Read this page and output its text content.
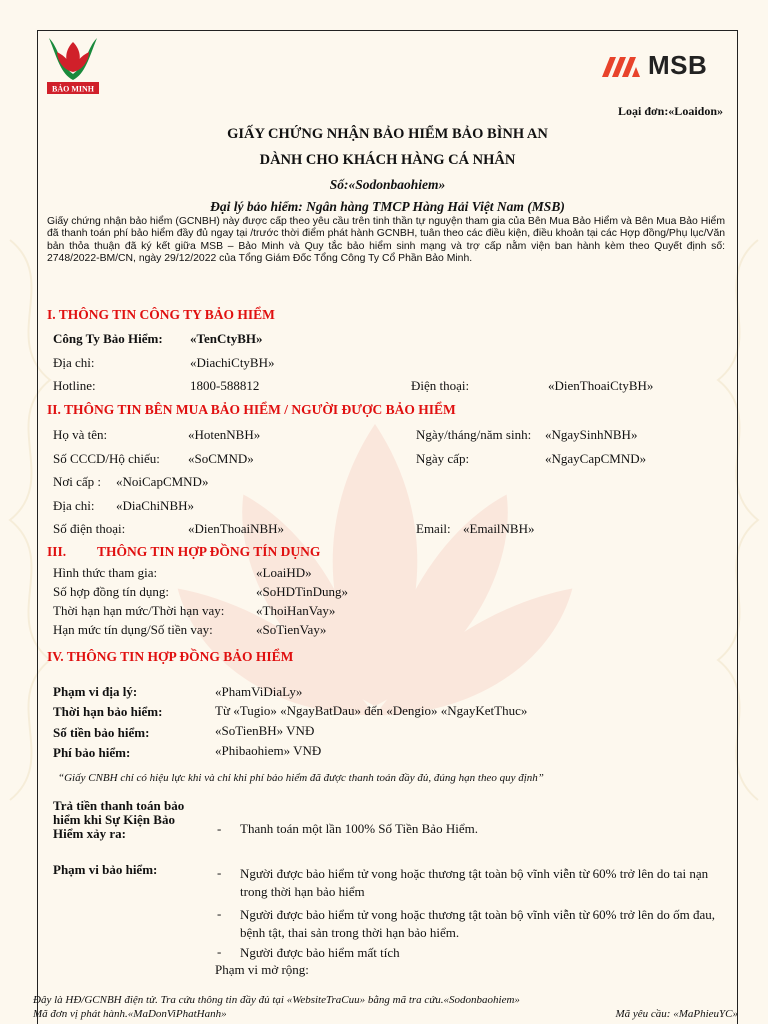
BẢO MINH
MSB
Loại đơn:«Loaidon»
GIẤY CHỨNG NHẬN BẢO HIỂM BẢO BÌNH AN
DÀNH CHO KHÁCH HÀNG CÁ NHÂN
Số:«Sodonbaohiem»
Đại lý bảo hiểm: Ngân hàng TMCP Hàng Hải Việt Nam (MSB)
Giấy chứng nhận bảo hiểm (GCNBH) này được cấp theo yêu cầu trên tinh thần tự nguyện tham gia của Bên Mua Bảo Hiểm và Bên Mua Bảo Hiểm đã thanh toán phí bảo hiểm đầy đủ ngay tại /trước thời điểm phát hành GCNBH, tuân theo các điều kiện, điều khoản tại các Hợp đồng/Phụ lục/Văn bản thỏa thuận đã ký kết giữa MSB – Bảo Minh và Quy tắc bảo hiểm sinh mạng và trợ cấp nằm viện ban hành kèm theo Quyết định số: 2748/2022-BM/CN, ngày 29/12/2022 của Tổng Giám Đốc Tổng Công Ty Cổ Phần Bảo Minh.
I. THÔNG TIN CÔNG TY BẢO HIỂM
Công Ty Bảo Hiểm: «TenCtyBH»
Địa chỉ:	«DiachiCtyBH»
Hotline:	1800-588812	Điện thoại:	«DienThoaiCtyBH»
II. THÔNG TIN BÊN MUA BẢO HIỂM / NGƯỜI ĐƯỢC BẢO HIỂM
Họ và tên:	«HotenNBH»	Ngày/tháng/năm sinh: «NgaySinhNBH»
Số CCCD/Hộ chiếu: «SoCMND»	Ngày cấp:	«NgayCapCMND»
Nơi cấp : «NoiCapCMND»
Địa chỉ: «DiaChiNBH»
Số điện thoại:	«DienThoaiNBH»	Email: «EmailNBH»
III. THÔNG TIN HỢP ĐỒNG TÍN DỤNG
Hình thức tham gia:	«LoaiHD»
Số hợp đồng tín dụng:	«SoHDTinDung»
Thời hạn hạn mức/Thời hạn vay: «ThoiHanVay»
Hạn mức tín dụng/Số tiền vay:	«SoTienVay»
IV. THÔNG TIN HỢP ĐỒNG BẢO HIỂM
Phạm vi địa lý:	«PhamViDiaLy»
Thời hạn bảo hiểm:	Từ «Tugio» «NgayBatDau» đến «Dengio» «NgayKetThuc»
Số tiền bảo hiểm:	«SoTienBH» VNĐ
Phí bảo hiểm:	«Phibaohiem» VNĐ
“Giấy CNBH chỉ có hiệu lực khi và chỉ khi phí bảo hiểm đã được thanh toán đầy đủ, đúng hạn theo quy định”
Trả tiền thanh toán bảo hiểm khi Sự Kiện Bảo Hiểm xảy ra:	- Thanh toán một lần 100% Số Tiền Bảo Hiểm.
Phạm vi bảo hiểm:	- Người được bảo hiểm tử vong hoặc thương tật toàn bộ vĩnh viễn từ 60% trở lên do tai nạn trong thời hạn bảo hiểm
- Người được bảo hiểm tử vong hoặc thương tật toàn bộ vĩnh viễn từ 60% trở lên do ốm đau, bệnh tật, thai sản trong thời hạn bảo hiểm.
- Người được bảo hiểm mất tích
Phạm vi mở rộng:
Đây là HĐ/GCNBH điện tử. Tra cứu thông tin đầy đủ tại «WebsiteTraCuu» bằng mã tra cứu.«Sodonbaohiem»
Mã đơn vị phát hành.«MaDonViPhatHanh»	Mã yêu cầu: «MaPhieuYC»
